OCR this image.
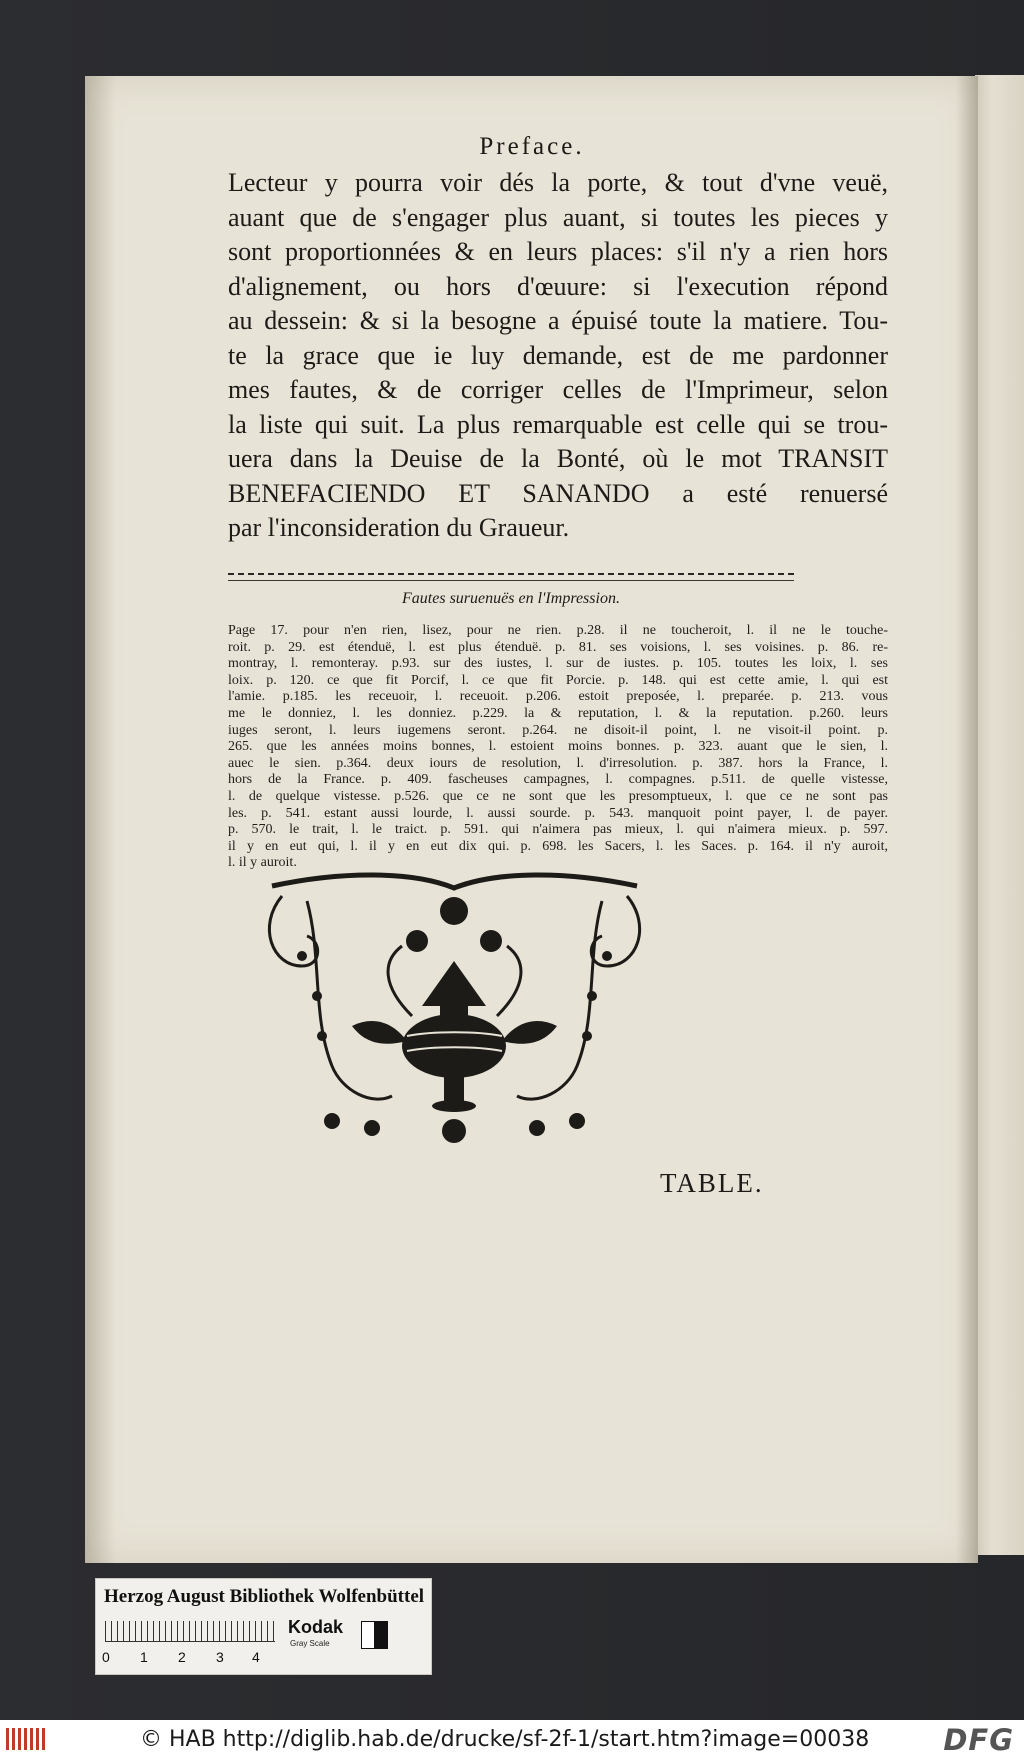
Preface.
Lecteur y pourra voir dés la porte, & tout d'vne veuë,
auant que de s'engager plus auant, si toutes les pieces y
sont proportionnées & en leurs places: s'il n'y a rien hors
d'alignement, ou hors d'œuure: si l'execution répond
au dessein: & si la besogne a épuisé toute la matiere. Tou-
te la grace que ie luy demande, est de me pardonner
mes fautes, & de corriger celles de l'Imprimeur, selon
la liste qui suit. La plus remarquable est celle qui se trou-
uera dans la Deuise de la Bonté, où le mot TRANSIT
BENEFACIENDO ET SANANDO a esté renuersé
par l'inconsideration du Graueur.
Fautes suruenuës en l'Impression.
Page 17. pour n'en rien, lisez, pour ne rien. p.28. il ne toucheroit, l. il ne le touche-
roit. p. 29. est étenduë, l. est plus étenduë. p. 81. ses voisions, l. ses voisines. p. 86. re-
montray, l. remonteray. p.93. sur des iustes, l. sur de iustes. p. 105. toutes les loix, l. ses
loix. p. 120. ce que fit Porcif, l. ce que fit Porcie. p. 148. qui est cette amie, l. qui est
l'amie. p.185. les receuoir, l. receuoit. p.206. estoit preposée, l. preparée. p. 213. vous
me le donniez, l. les donniez. p.229. la & reputation, l. & la reputation. p.260. leurs
iuges seront, l. leurs iugemens seront. p.264. ne disoit-il point, l. ne visoit-il point. p.
265. que les années moins bonnes, l. estoient moins bonnes. p. 323. auant que le sien, l.
auec le sien. p.364. deux iours de resolution, l. d'irresolution. p. 387. hors la France, l.
hors de la France. p. 409. fascheuses campagnes, l. compagnes. p.511. de quelle vistesse,
l. de quelque vistesse. p.526. que ce ne sont que les presomptueux, l. que ce ne sont pas
les. p. 541. estant aussi lourde, l. aussi sourde. p. 543. manquoit point payer, l. de payer.
p. 570. le trait, l. le traict. p. 591. qui n'aimera pas mieux, l. qui n'aimera mieux. p. 597.
il y en eut qui, l. il y en eut dix qui. p. 698. les Sacers, l. les Saces. p. 164. il n'y auroit,
l. il y auroit.
TABLE.
Herzog August Bibliothek Wolfenbüttel
0 1 2 3 4
Kodak
Gray Scale
© HAB http://diglib.hab.de/drucke/sf-2f-1/start.htm?image=00038	DFG
